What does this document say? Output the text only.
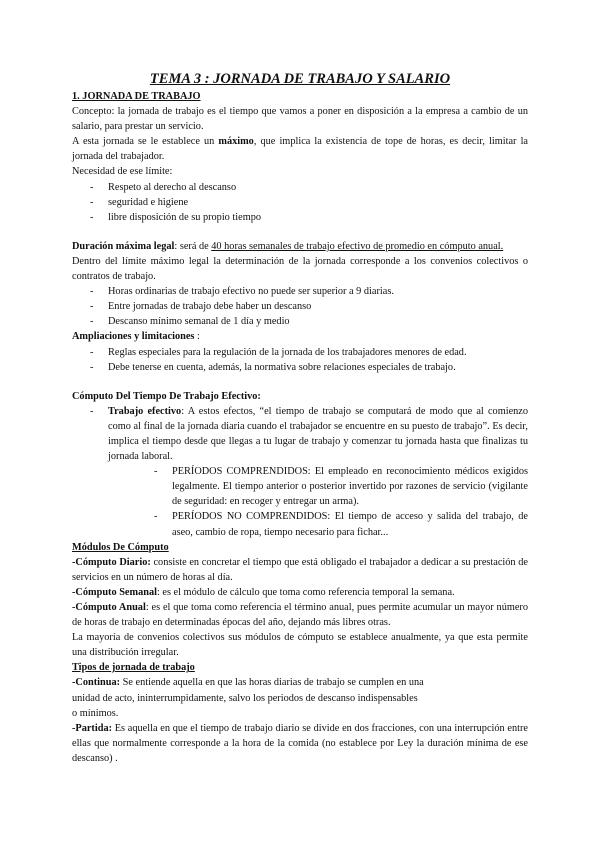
TEMA 3 : JORNADA DE TRABAJO Y SALARIO

1. JORNADA DE TRABAJO

Concepto: la jornada de trabajo es el tiempo que vamos a poner en disposición a la empresa a cambio de un salario, para prestar un servicio.

A esta jornada se le establece un máximo, que implica la existencia de tope de horas, es decir, limitar la jornada del trabajador.

Necesidad de ese límite:

- Respeto al derecho al descanso
- seguridad e higiene
- libre disposición de su propio tiempo

Duración máxima legal: será de 40 horas semanales de trabajo efectivo de promedio en cómputo anual.

Dentro del límite máximo legal la determinación de la jornada corresponde a los convenios colectivos o contratos de trabajo.

- Horas ordinarias de trabajo efectivo no puede ser superior a 9 diarias.
- Entre jornadas de trabajo debe haber un descanso
- Descanso mínimo semanal de 1 día y medio

Ampliaciones y limitaciones :

- Reglas especiales para la regulación de la jornada de los trabajadores menores de edad.
- Debe tenerse en cuenta, además, la normativa sobre relaciones especiales de trabajo.

Cómputo Del Tiempo De Trabajo Efectivo:

- Trabajo efectivo: A estos efectos, “el tiempo de trabajo se computará de modo que al comienzo como al final de la jornada diaria cuando el trabajador se encuentre en su puesto de trabajo”. Es decir, implica el tiempo desde que llegas a tu lugar de trabajo y comenzar tu jornada hasta que finalizas tu jornada laboral.
- PERÍODOS COMPRENDIDOS: El empleado en reconocimiento médicos exigidos legalmente. El tiempo anterior o posterior invertido por razones de servicio (vigilante de seguridad: en recoger y entregar un arma).
- PERÍODOS NO COMPRENDIDOS: El tiempo de acceso y salida del trabajo, de aseo, cambio de ropa, tiempo necesario para fichar...

Módulos De Cómputo

-Cómputo Diario: consiste en concretar el tiempo que está obligado el trabajador a dedicar a su prestación de servicios en un número de horas al día.

-Cómputo Semanal: es el módulo de cálculo que toma como referencia temporal la semana.

-Cómputo Anual: es el que toma como referencia el término anual, pues permite acumular un mayor número de horas de trabajo en determinadas épocas del año, dejando más libres otras.

La mayoría de convenios colectivos sus módulos de cómputo se establece anualmente, ya que esta permite una distribución irregular.

Tipos de jornada de trabajo

-Continua: Se entiende aquella en que las horas diarias de trabajo se cumplen en una
unidad de acto, ininterrumpidamente, salvo los periodos de descanso indispensables
o mínimos.

-Partida: Es aquella en que el tiempo de trabajo diario se divide en dos fracciones, con una interrupción entre ellas que normalmente corresponde a la hora de la comida (no establece por Ley la duración mínima de ese descanso) .
